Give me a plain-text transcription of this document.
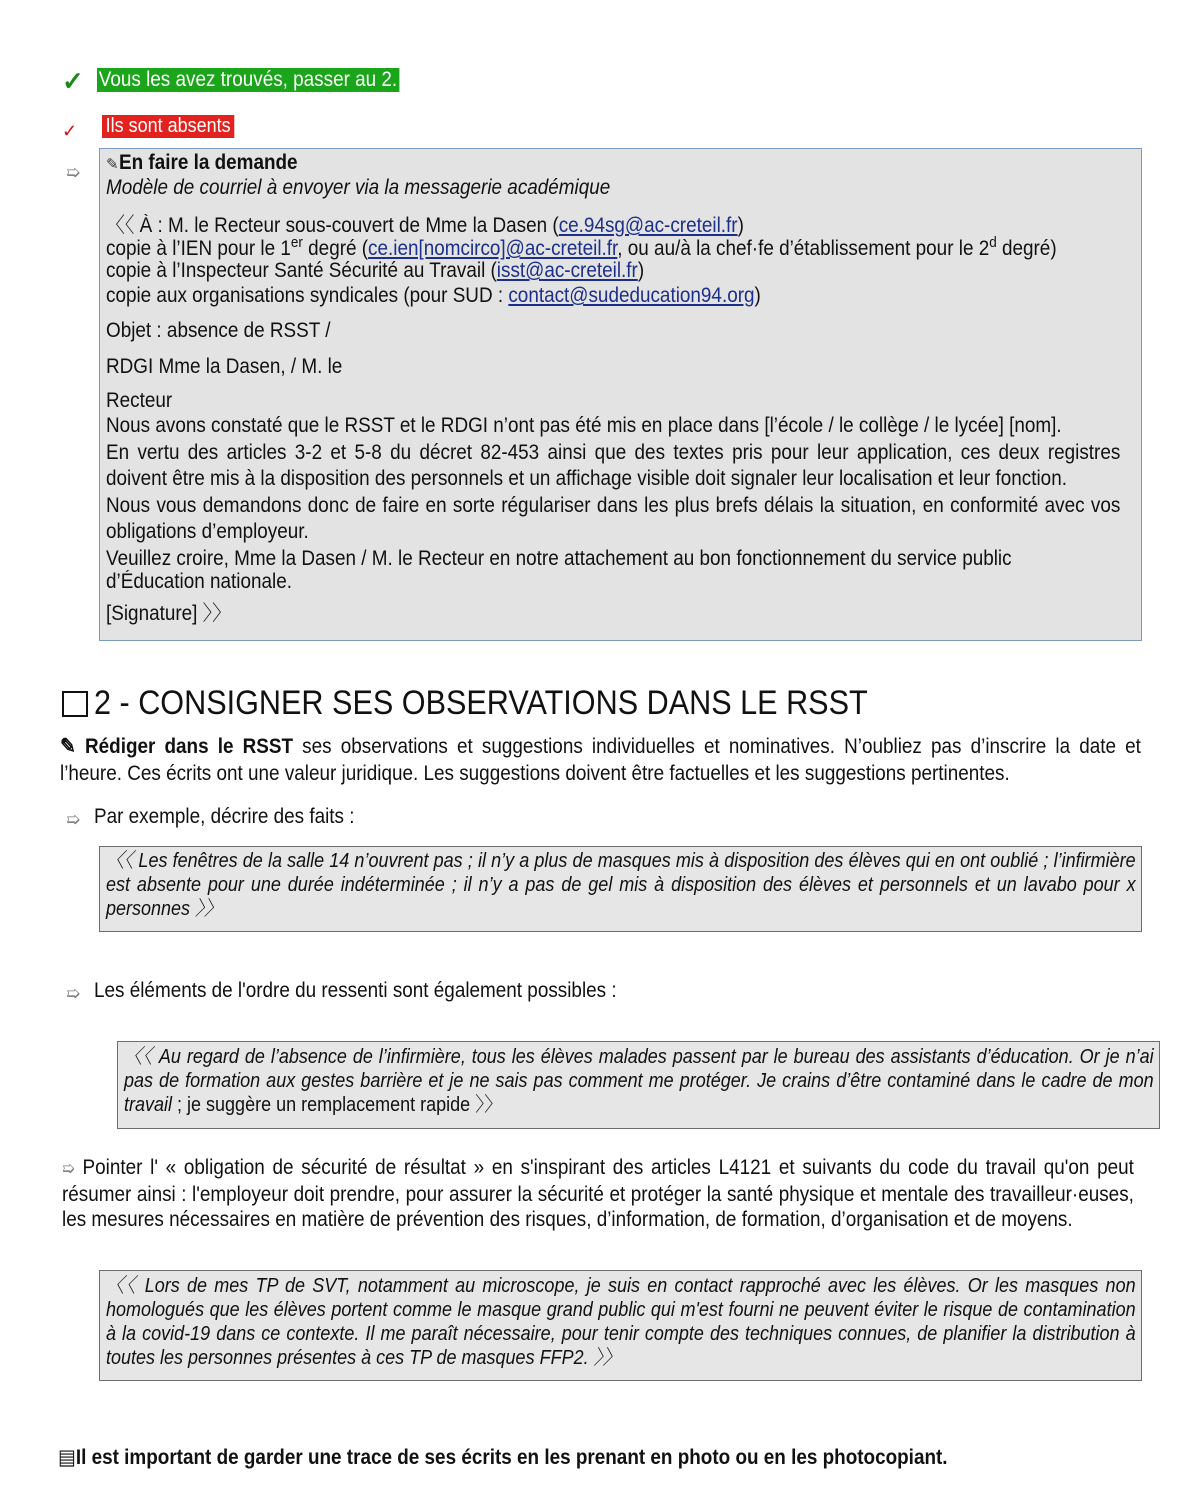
✓ Vous les avez trouvés, passer au 2.
✓ Ils sont absents
➯ ✎En faire la demande
Modèle de courriel à envoyer via la messagerie académique
〈〈 À : M. le Recteur sous-couvert de Mme la Dasen (ce.94sg@ac-creteil.fr)
copie à l’IEN pour le 1er degré (ce.ien[nomcirco]@ac-creteil.fr, ou au/à la chef·fe d’établissement pour le 2$^d$ degré)
copie à l’Inspecteur Santé Sécurité au Travail (isst@ac-creteil.fr)
copie aux organisations syndicales (pour SUD : contact@sudeducation94.org)
Objet : absence de RSST /
RDGI Mme la Dasen, / M. le
Recteur
Nous avons constaté que le RSST et le RDGI n’ont pas été mis en place dans [l’école / le collège / le lycée] [nom].
En vertu des articles 3-2 et 5-8 du décret 82-453 ainsi que des textes pris pour leur application, ces deux registres doivent être mis à la disposition des personnels et un affichage visible doit signaler leur localisation et leur fonction.
Nous vous demandons donc de faire en sorte régulariser dans les plus brefs délais la situation, en conformité avec vos obligations d’employeur.
Veuillez croire, Mme la Dasen / M. le Recteur en notre attachement au bon fonctionnement du service public
d’Éducation nationale.
[Signature] 〉〉
2 - CONSIGNER SES OBSERVATIONS DANS LE RSST
✎ Rédiger dans le RSST ses observations et suggestions individuelles et nominatives. N’oubliez pas d’inscrire la date et l’heure. Ces écrits ont une valeur juridique. Les suggestions doivent être factuelles et les suggestions pertinentes.
➯ Par exemple, décrire des faits :
〈〈 Les fenêtres de la salle 14 n’ouvrent pas ; il n’y a plus de masques mis à disposition des élèves qui en ont oublié ; l’infirmière est absente pour une durée indéterminée ; il n’y a pas de gel mis à disposition des élèves et personnels et un lavabo pour x personnes 〉〉
➯ Les éléments de l'ordre du ressenti sont également possibles :
〈〈 Au regard de l’absence de l’infirmière, tous les élèves malades passent par le bureau des assistants d’éducation. Or je n’ai pas de formation aux gestes barrière et je ne sais pas comment me protéger. Je crains d’être contaminé dans le cadre de mon travail ; je suggère un remplacement rapide 〉〉
➯ Pointer l' « obligation de sécurité de résultat » en s'inspirant des articles L4121 et suivants du code du travail qu'on peut résumer ainsi : l'employeur doit prendre, pour assurer la sécurité et protéger la santé physique et mentale des travailleur·euses, les mesures nécessaires en matière de prévention des risques, d’information, de formation, d’organisation et de moyens.
〈〈 Lors de mes TP de SVT, notamment au microscope, je suis en contact rapproché avec les élèves. Or les masques non homologués que les élèves portent comme le masque grand public qui m'est fourni ne peuvent éviter le risque de contamination à la covid-19 dans ce contexte. Il me paraît nécessaire, pour tenir compte des techniques connues, de planifier la distribution à toutes les personnes présentes à ces TP de masques FFP2. 〉〉
▤Il est important de garder une trace de ses écrits en les prenant en photo ou en les photocopiant.
